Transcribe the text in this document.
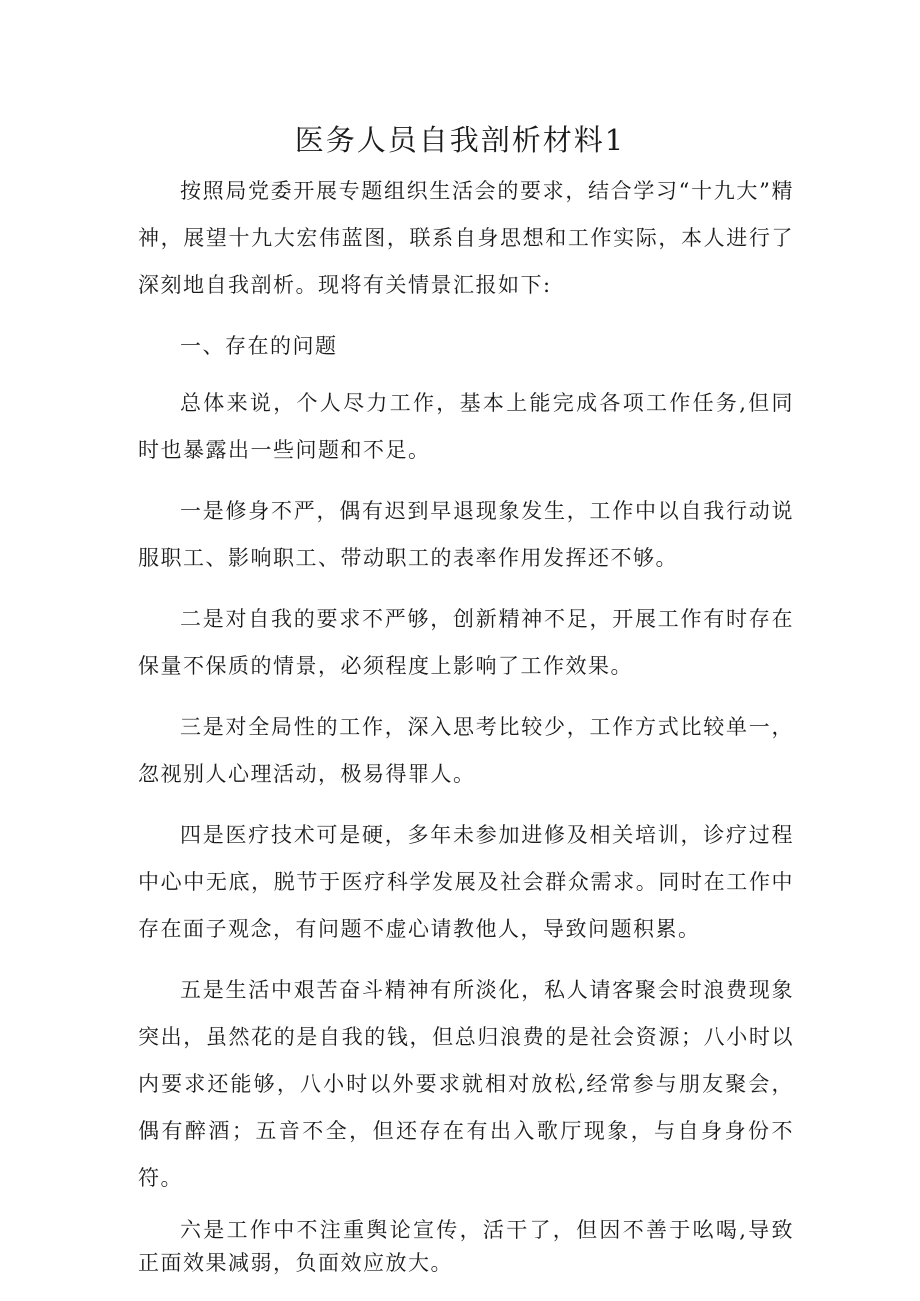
医务人员自我剖析材料1

按照局党委开展专题组织生活会的要求，结合学习“十九大”精神，展望十九大宏伟蓝图，联系自身思想和工作实际，本人进行了深刻地自我剖析。现将有关情景汇报如下:

一、存在的问题

总体来说，个人尽力工作，基本上能完成各项工作任务,但同时也暴露出一些问题和不足。

一是修身不严，偶有迟到早退现象发生，工作中以自我行动说服职工、影响职工、带动职工的表率作用发挥还不够。

二是对自我的要求不严够，创新精神不足，开展工作有时存在保量不保质的情景，必须程度上影响了工作效果。

三是对全局性的工作，深入思考比较少，工作方式比较单一，忽视别人心理活动，极易得罪人。

四是医疗技术可是硬，多年未参加进修及相关培训，诊疗过程中心中无底，脱节于医疗科学发展及社会群众需求。同时在工作中存在面子观念，有问题不虚心请教他人，导致问题积累。

五是生活中艰苦奋斗精神有所淡化，私人请客聚会时浪费现象突出，虽然花的是自我的钱，但总归浪费的是社会资源；八小时以内要求还能够，八小时以外要求就相对放松,经常参与朋友聚会，偶有醉酒；五音不全，但还存在有出入歌厅现象，与自身身份不符。

六是工作中不注重舆论宣传，活干了，但因不善于吆喝,导致正面效果减弱，负面效应放大。
